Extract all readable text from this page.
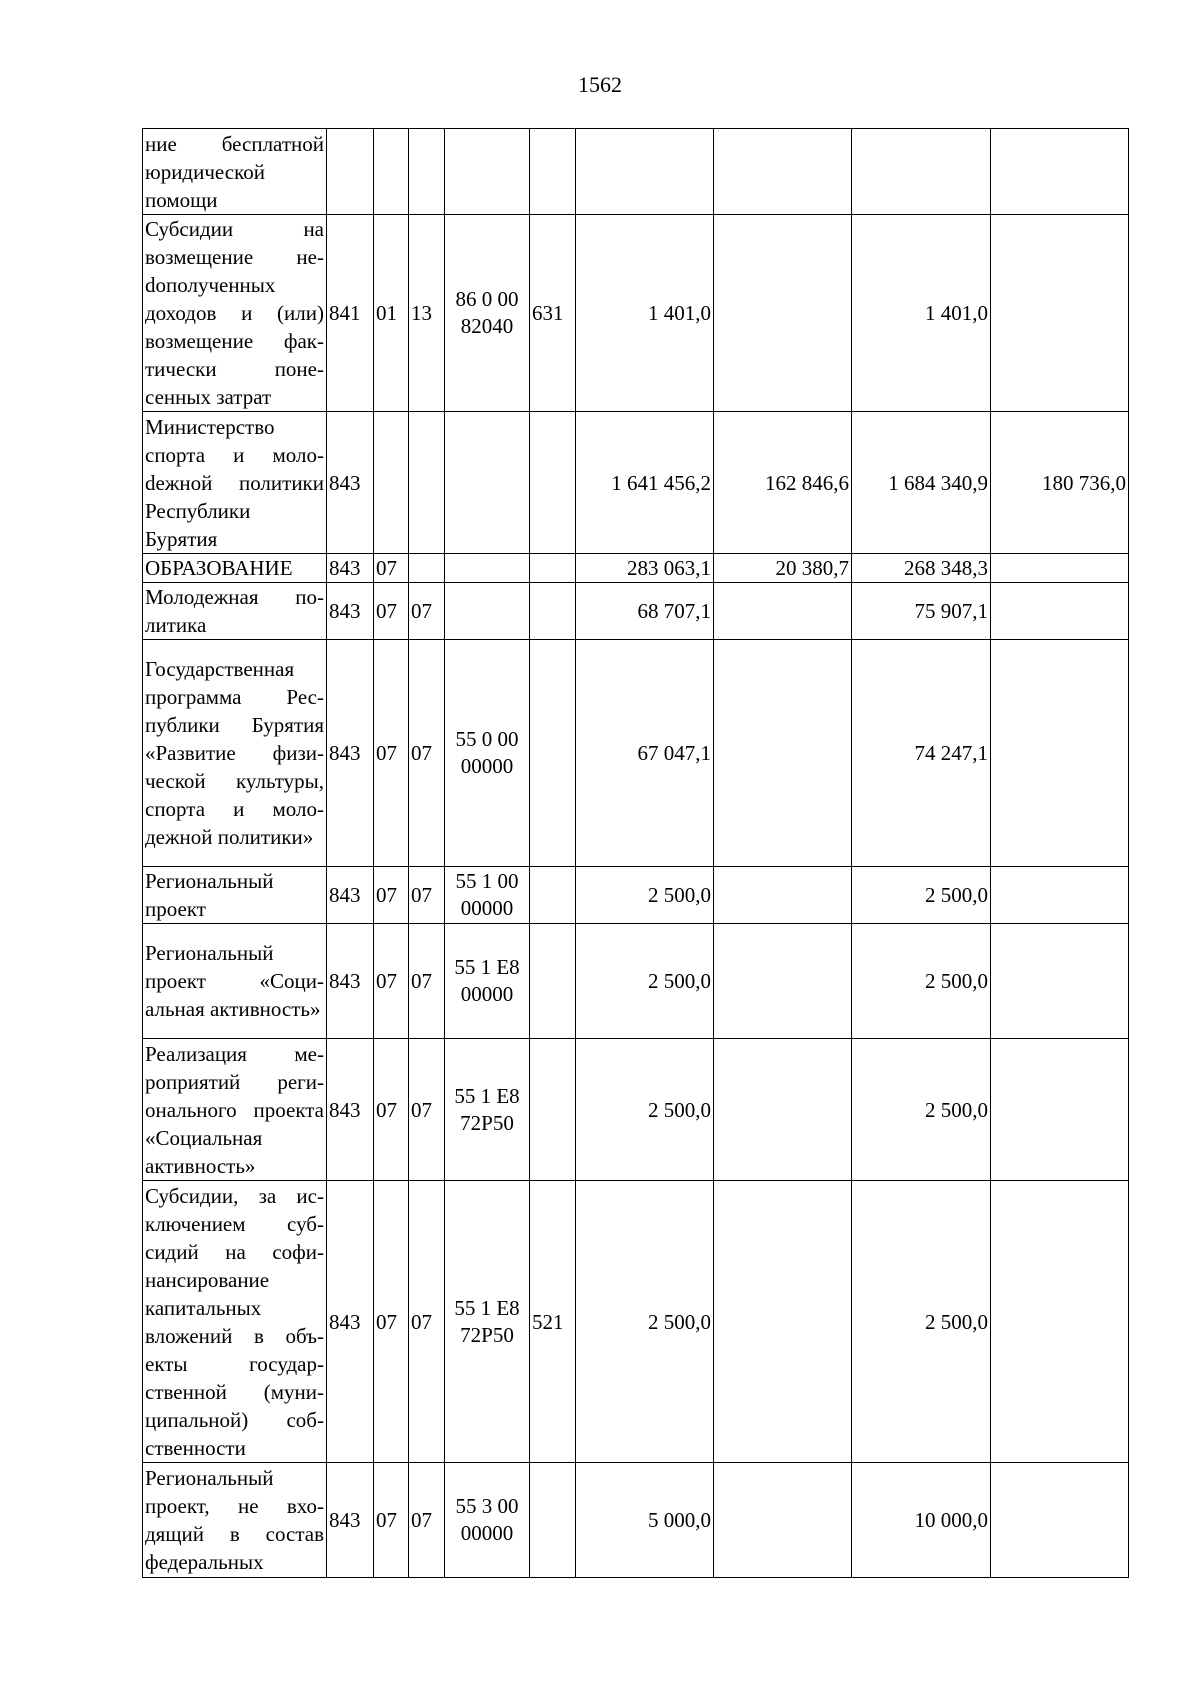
1562
ние бесплатной юридической помощи									
Субсидии на возмещение неdополученных доходов и (или) возмещение фактически понесенных затрат	841	01	13	86 0 00 82040	631	1 401,0		1 401,0	
Министерство спорта и молоdежной политики Республики Бурятия	843					1 641 456,2	162 846,6	1 684 340,9	180 736,0
ОБРАЗОВАНИЕ	843	07				283 063,1	20 380,7	268 348,3	
Молодежная политика	843	07	07			68 707,1		75 907,1	
Государственная программа Республики Бурятия «Развитие физической культуры, спорта и молодежной политики»	843	07	07	55 0 00 00000		67 047,1		74 247,1	
Региональный проект	843	07	07	55 1 00 00000		2 500,0		2 500,0	
Региональный проект «Социальная активность»	843	07	07	55 1 E8 00000		2 500,0		2 500,0	
Реализация мероприятий регионального проекта «Социальная активность»	843	07	07	55 1 E8 72P50		2 500,0		2 500,0	
Субсидии, за исключением субсидий на софинансирование капитальных вложений в объекты государственной (муниципальной) собственности	843	07	07	55 1 E8 72P50	521	2 500,0		2 500,0	
Региональный проект, не входящий в состав федеральных	843	07	07	55 3 00 00000		5 000,0		10 000,0	
